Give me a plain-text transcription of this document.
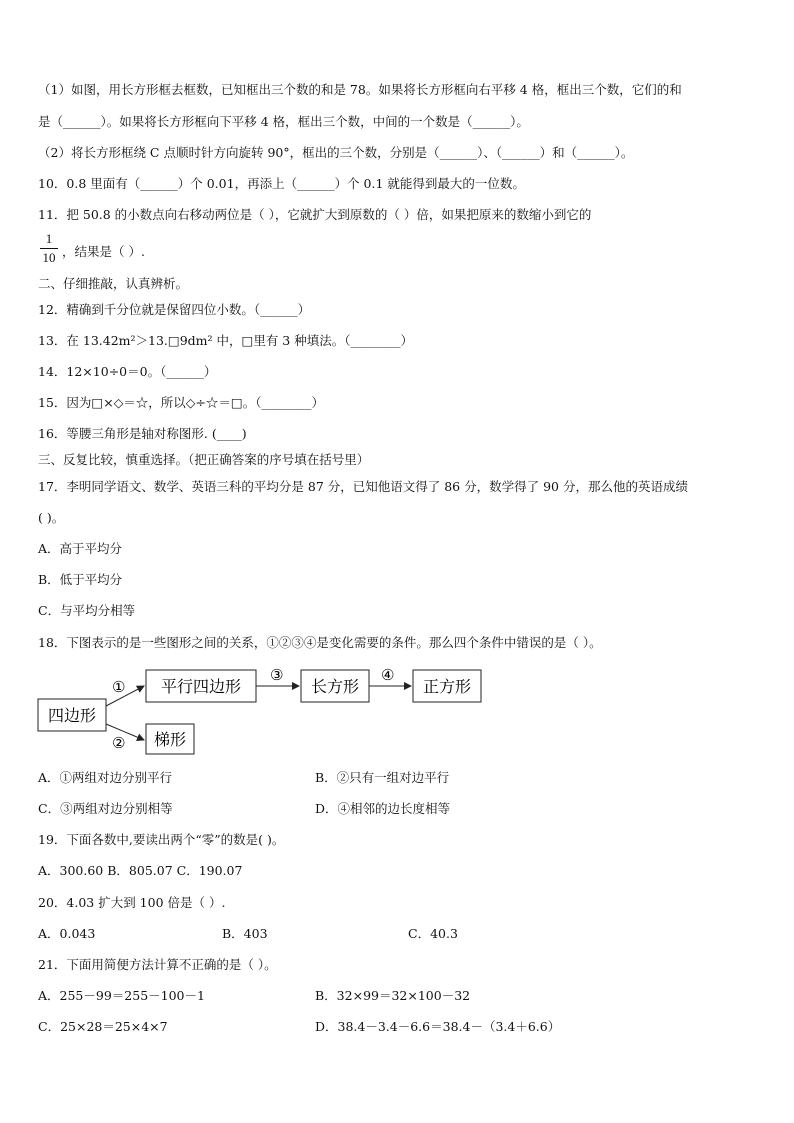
（1）如图，用长方形框去框数，已知框出三个数的和是 78。如果将长方形框向右平移 4 格，框出三个数，它们的和
是（______）。如果将长方形框向下平移 4 格，框出三个数，中间的一个数是（______）。
（2）将长方形框绕 C 点顺时针方向旋转 90°，框出的三个数，分别是（______）、（______）和（______）。
10．0.8 里面有（______）个 0.01，再添上（______）个 0.1 就能得到最大的一位数。
11．把 50.8 的小数点向右移动两位是（ ），它就扩大到原数的（ ）倍，如果把原来的数缩小到它的
1
10 ，结果是（ ）.
二、仔细推敲，认真辨析。
12．精确到千分位就是保留四位小数。（______）
13．在 13.42m²＞13.□9dm² 中，□里有 3 种填法。（________）
14．12×10÷0＝0。（______）
15．因为□×◇＝☆，所以◇÷☆＝□。（________）
16．等腰三角形是轴对称图形. (____)
三、反复比较，慎重选择。（把正确答案的序号填在括号里）
17．李明同学语文、数学、英语三科的平均分是 87 分，已知他语文得了 86 分，数学得了 90 分，那么他的英语成绩
( )。
A．高于平均分
B．低于平均分
C．与平均分相等
18．下图表示的是一些图形之间的关系，①②③④是变化需要的条件。那么四个条件中错误的是（ ）。
四边形
平行四边形	长方形	正方形
梯形
①
②
③	④
A．①两组对边分别平行	B．②只有一组对边平行
C．③两组对边分别相等	D．④相邻的边长度相等
19．下面各数中,要读出两个“零”的数是( )。
A．300.60 B．805.07 C．190.07
20．4.03 扩大到 100 倍是（ ）.
A．0.043	B．403	C．40.3
21．下面用简便方法计算不正确的是（ ）。
A．255－99＝255－100－1	B．32×99＝32×100－32
C．25×28＝25×4×7	D．38.4－3.4－6.6＝38.4－（3.4＋6.6）
